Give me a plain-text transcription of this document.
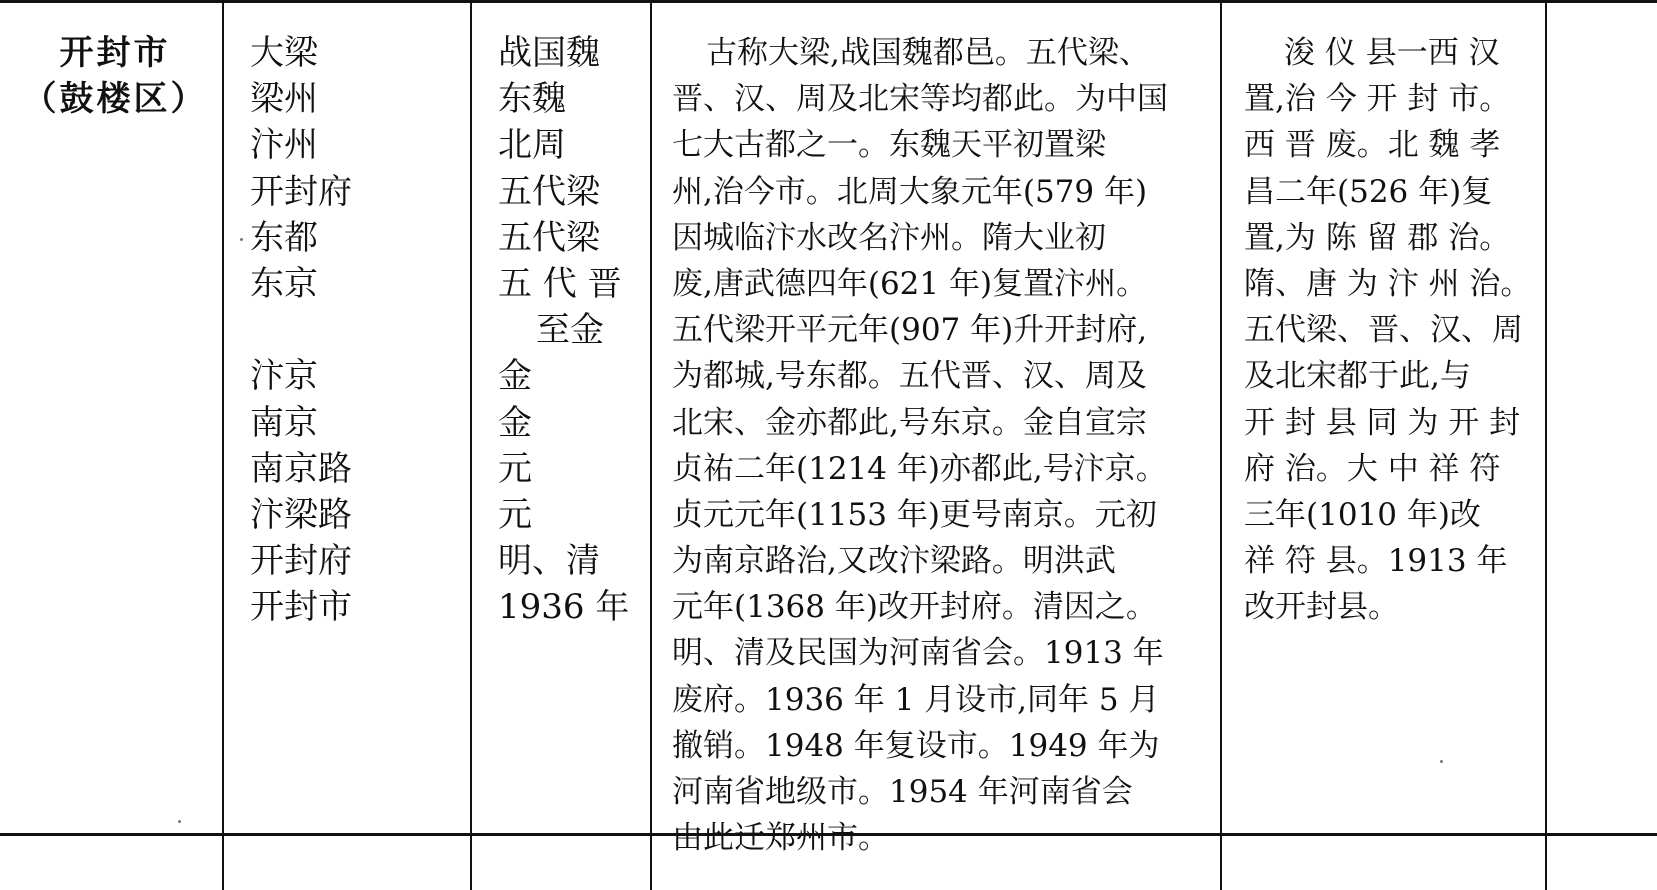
开封市
（鼓楼区）
大梁
梁州
汴州
开封府
东都
东京
汴京
南京
南京路
汴梁路
开封府
开封市
战国魏
东魏
北周
五代梁
五代梁
五 代 晋
至金
金
金
元
元
明、清
1936 年
古称大梁,战国魏都邑。五代梁、
晋、汉、周及北宋等均都此。为中国
七大古都之一。东魏天平初置梁
州,治今市。北周大象元年(579 年)
因城临汴水改名汴州。隋大业初
废,唐武德四年(621 年)复置汴州。
五代梁开平元年(907 年)升开封府,
为都城,号东都。五代晋、汉、周及
北宋、金亦都此,号东京。金自宣宗
贞祐二年(1214 年)亦都此,号汴京。
贞元元年(1153 年)更号南京。元初
为南京路治,又改汴梁路。明洪武
元年(1368 年)改开封府。清因之。
明、清及民国为河南省会。1913 年
废府。1936 年 1 月设市,同年 5 月
撤销。1948 年复设市。1949 年为
河南省地级市。1954 年河南省会
由此迁郑州市。
浚 仪 县一西 汉
置,治 今 开 封 市。
西 晋 废。北 魏 孝
昌二年(526 年)复
置,为 陈 留 郡 治。
隋、唐 为 汴 州 治。
五代梁、晋、汉、周
及北宋都于此,与
开 封 县 同 为 开 封
府 治。大 中 祥 符
三年(1010 年)改
祥 符 县。1913 年
改开封县。
